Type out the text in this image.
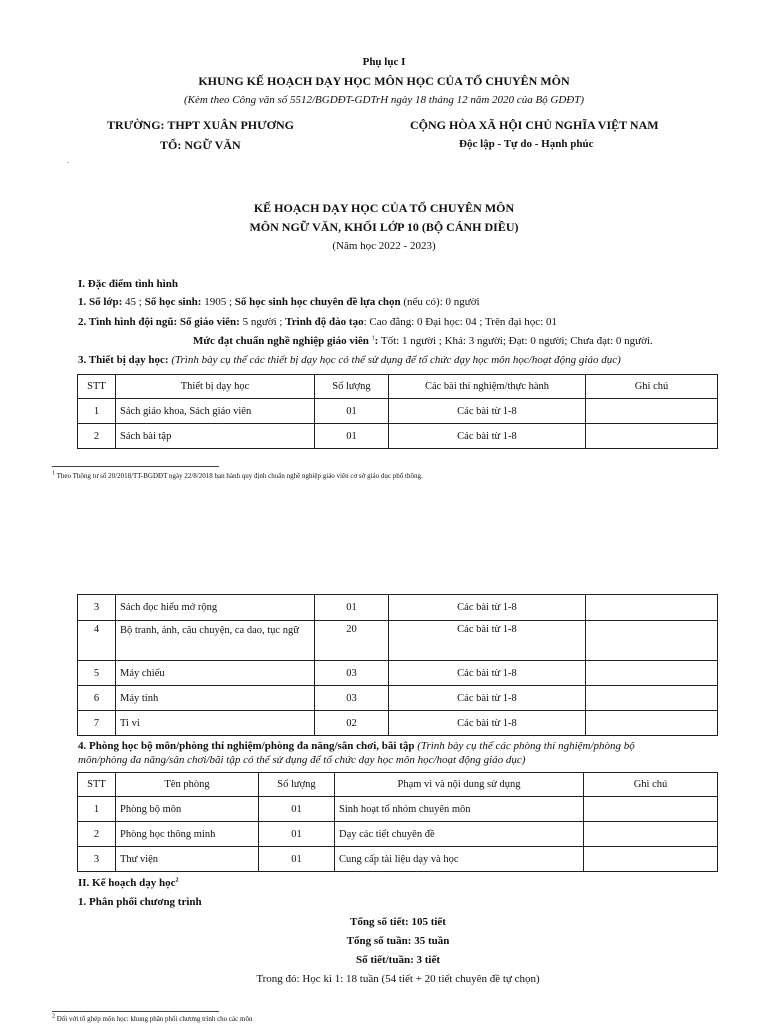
Phụ lục I
KHUNG KẾ HOẠCH DẠY HỌC MÔN HỌC CỦA TỔ CHUYÊN MÔN
(Kèm theo Công văn số 5512/BGDĐT-GDTrH ngày 18 tháng 12 năm 2020 của Bộ GDĐT)
TRƯỜNG: THPT XUÂN PHƯƠNG
TỔ: NGỮ VĂN
CỘNG HÒA XÃ HỘI CHỦ NGHĨA VIỆT NAM
Độc lập - Tự do - Hạnh phúc
.
KẾ HOẠCH DẠY HỌC CỦA TỔ CHUYÊN MÔN
MÔN NGỮ VĂN, KHỐI LỚP 10 (BỘ CÁNH DIỀU)
(Năm học 2022 - 2023)
I. Đặc điểm tình hình
1. Số lớp: 45 ; Số học sinh: 1905 ; Số học sinh học chuyên đề lựa chọn (nếu có): 0 người
2. Tình hình đội ngũ: Số giáo viên: 5 người ; Trình độ đào tạo: Cao đẳng: 0 Đại học: 04 ; Trên đại học: 01
Mức đạt chuẩn nghề nghiệp giáo viên $^1$: Tốt: 1 người ; Khá: 3 người; Đạt: 0 người; Chưa đạt: 0 người.
3. Thiết bị dạy học: (Trình bày cụ thể các thiết bị dạy học có thể sử dụng để tổ chức dạy học môn học/hoạt động giáo dục)
STT	Thiết bị dạy học	Số lượng	Các bài thí nghiệm/thực hành	Ghi chú
1	Sách giáo khoa, Sách giáo viên	01	Các bài từ 1-8	
2	Sách bài tập	01	Các bài từ 1-8	
$^1$ Theo Thông tư số 20/2018/TT-BGDĐT ngày 22/8/2018 ban hành quy định chuẩn nghề nghiệp giáo viên cơ sở giáo dục phổ thông.
3	Sách đọc hiểu mở rộng	01	Các bài từ 1-8	
4	Bộ tranh, ảnh, câu chuyện, ca dao, tục ngữ	20	Các bài từ 1-8	
5	Máy chiếu	03	Các bài từ 1-8	
6	Máy tính	03	Các bài từ 1-8	
7	Ti vi	02	Các bài từ 1-8	
4. Phòng học bộ môn/phòng thí nghiệm/phòng đa năng/sân chơi, bãi tập (Trình bày cụ thể các phòng thí nghiệm/phòng bộ
môn/phòng đa năng/sân chơi/bãi tập có thể sử dụng để tổ chức dạy học môn học/hoạt động giáo dục)
STT	Tên phòng	Số lượng	Phạm vi và nội dung sử dụng	Ghi chú
1	Phòng bộ môn	01	Sinh hoạt tổ nhóm chuyên môn	
2	Phòng học thông minh	01	Dạy các tiết chuyên đề	
3	Thư viện	01	Cung cấp tài liệu dạy và học	
II. Kế hoạch dạy học$^2$
1. Phân phối chương trình
Tổng số tiết: 105 tiết
Tổng số tuần: 35 tuần
Số tiết/tuần: 3 tiết
Trong đó: Học kì 1: 18 tuần (54 tiết + 20 tiết chuyên đề tự chọn)
$^2$ Đối với tổ ghép môn học: khung phân phối chương trình cho các môn
